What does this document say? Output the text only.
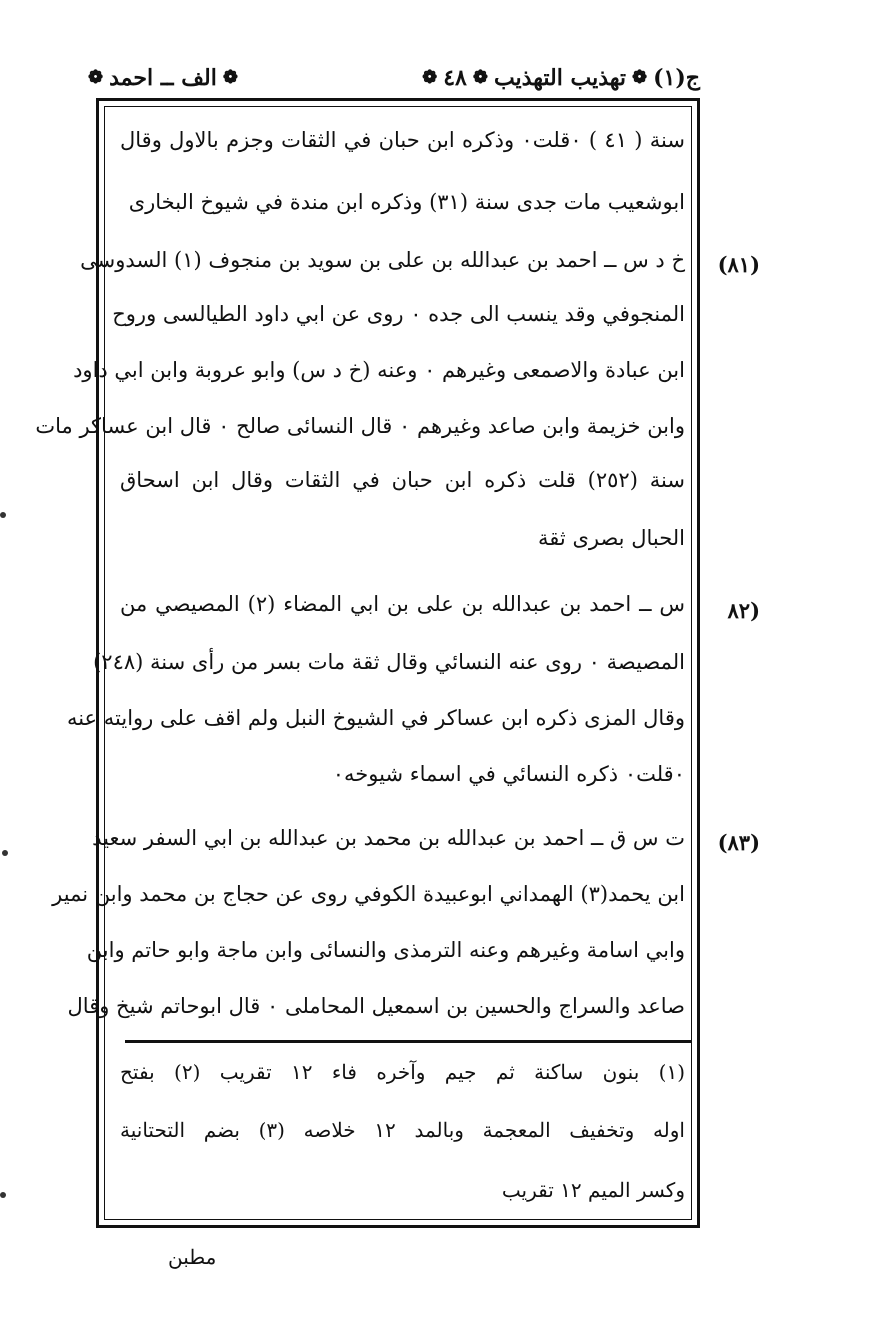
ج(١)
❁
تهذيب التهذيب
❁
٤٨
❁
❁
الف ــ احمد
❁
سنة ( ٤١ ) ٠قلت٠ وذكره ابن حبان في الثقات وجزم بالاول وقال
ابوشعيب مات جدى سنة (٣١) وذكره ابن مندة في شيوخ البخارى
(٨١)
خ د س ــ احمد بن عبدالله بن على بن سويد بن منجوف (١) السدوسى
المنجوفي وقد ينسب الى جده ٠ روى عن ابي داود الطيالسى وروح
ابن عبادة والاصمعى وغيرهم ٠ وعنه (خ د س) وابو عروبة وابن ابي داود
وابن خزيمة وابن صاعد وغيرهم ٠ قال النسائى صالح ٠ قال ابن عساكر مات
سنة (٢٥٢) قلت ذكره ابن حبان في الثقات وقال ابن اسحاق
الحبال بصرى ثقة
(٨٢
س ــ احمد بن عبدالله بن على بن ابي المضاء (٢) المصيصي من
المصيصة ٠ روى عنه النسائي وقال ثقة مات بسر من رأى سنة (٢٤٨)
وقال المزى ذكره ابن عساكر في الشيوخ النبل ولم اقف على روايته عنه
٠قلت٠ ذكره النسائي في اسماء شيوخه٠
(٨٣)
ت س ق ــ احمد بن عبدالله بن محمد بن عبدالله بن ابي السفر سعيد
ابن يحمد(٣) الهمداني ابوعبيدة الكوفي روى عن حجاج بن محمد وابن نمير
وابي اسامة وغيرهم وعنه الترمذى والنسائى وابن ماجة وابو حاتم وابن
صاعد والسراج والحسين بن اسمعيل المحاملى ٠ قال ابوحاتم شيخ وقال
(١) بنون ساكنة ثم جيم وآخره فاء ١٢ تقريب (٢) بفتح
اوله وتخفيف المعجمة وبالمد ١٢ خلاصه (٣) بضم التحتانية
وكسر الميم ١٢ تقريب
مطبن
